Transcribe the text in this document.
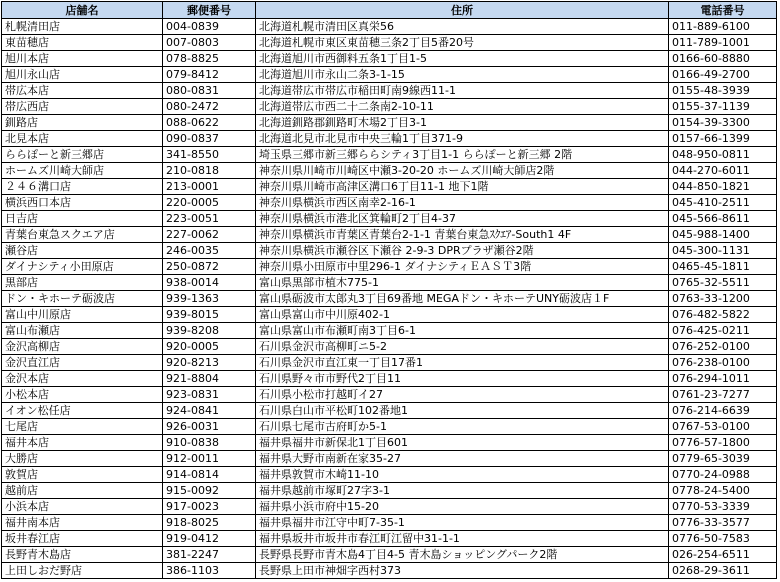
店舗名	郵便番号	住所	電話番号
札幌清田店	004-0839	北海道札幌市清田区真栄56	011-889-6100
東苗穂店	007-0803	北海道札幌市東区東苗穂三条2丁目5番20号	011-789-1001
旭川本店	078-8825	北海道旭川市西御料五条1丁目1-5	0166-60-8880
旭川永山店	079-8412	北海道旭川市永山二条3-1-15	0166-49-2700
帯広本店	080-0831	北海道帯広市帯広市稲田町南9線西11-1	0155-48-3939
帯広西店	080-2472	北海道帯広市西二十二条南2-10-11	0155-37-1139
釧路店	088-0622	北海道釧路郡釧路町木場2丁目3-1	0154-39-3300
北見本店	090-0837	北海道北見市北見市中央三輪1丁目371-9	0157-66-1399
ららぽーと新三郷店	341-8550	埼玉県三郷市新三郷ららシティ3丁目1-1 ららぽーと新三郷 2階	048-950-0811
ホームズ川崎大師店	210-0818	神奈川県川崎市川崎区中瀬3-20-20 ホームズ川崎大師店2階	044-270-6011
２４６溝口店	213-0001	神奈川県川崎市高津区溝口6丁目11-1 地下1階	044-850-1821
横浜西口本店	220-0005	神奈川県横浜市西区南幸2-16-1	045-410-2511
日吉店	223-0051	神奈川県横浜市港北区箕輪町2丁目4-37	045-566-8611
青葉台東急スクエア店	227-0062	神奈川県横浜市青葉区青葉台2-1-1 青葉台東急ｽｸｴｱ-South1 4F	045-988-1400
瀬谷店	246-0035	神奈川県横浜市瀬谷区下瀬谷 2-9-3 DPRプラザ瀬谷2階	045-300-1131
ダイナシティ小田原店	250-0872	神奈川県小田原市中里296-1 ダイナシティＥＡＳＴ3階	0465-45-1811
黒部店	938-0014	富山県黒部市植木775-1	0765-32-5511
ドン・キホーテ砺波店	939-1363	富山県砺波市太郎丸3丁目69番地 MEGAドン・キホーテUNY砺波店１F	0763-33-1200
富山中川原店	939-8015	富山県富山市中川原402-1	076-482-5822
富山布瀬店	939-8208	富山県富山市布瀬町南3丁目6-1	076-425-0211
金沢高柳店	920-0005	石川県金沢市高柳町ニ5-2	076-252-0100
金沢直江店	920-8213	石川県金沢市直江東一丁目17番1	076-238-0100
金沢本店	921-8804	石川県野々市市野代2丁目11	076-294-1011
小松本店	923-0831	石川県小松市打越町イ27	0761-23-7277
イオン松任店	924-0841	石川県白山市平松町102番地1	076-214-6639
七尾店	926-0031	石川県七尾市古府町か5-1	0767-53-0100
福井本店	910-0838	福井県福井市新保北1丁目601	0776-57-1800
大勝店	912-0011	福井県大野市南新在家35-27	0779-65-3039
敦賀店	914-0814	福井県敦賀市木崎11-10	0770-24-0988
越前店	915-0092	福井県越前市塚町27字3-1	0778-24-5400
小浜本店	917-0023	福井県小浜市府中15-20	0770-53-3339
福井南本店	918-8025	福井県福井市江守中町7-35-1	0776-33-3577
坂井春江店	919-0412	福井県坂井市坂井市春江町江留中31-1-1	0776-50-7583
長野青木島店	381-2247	長野県長野市青木島4丁目4-5 青木島ショッピングパーク2階	026-254-6511
上田しおだ野店	386-1103	長野県上田市神畑字西村373	0268-29-3611
